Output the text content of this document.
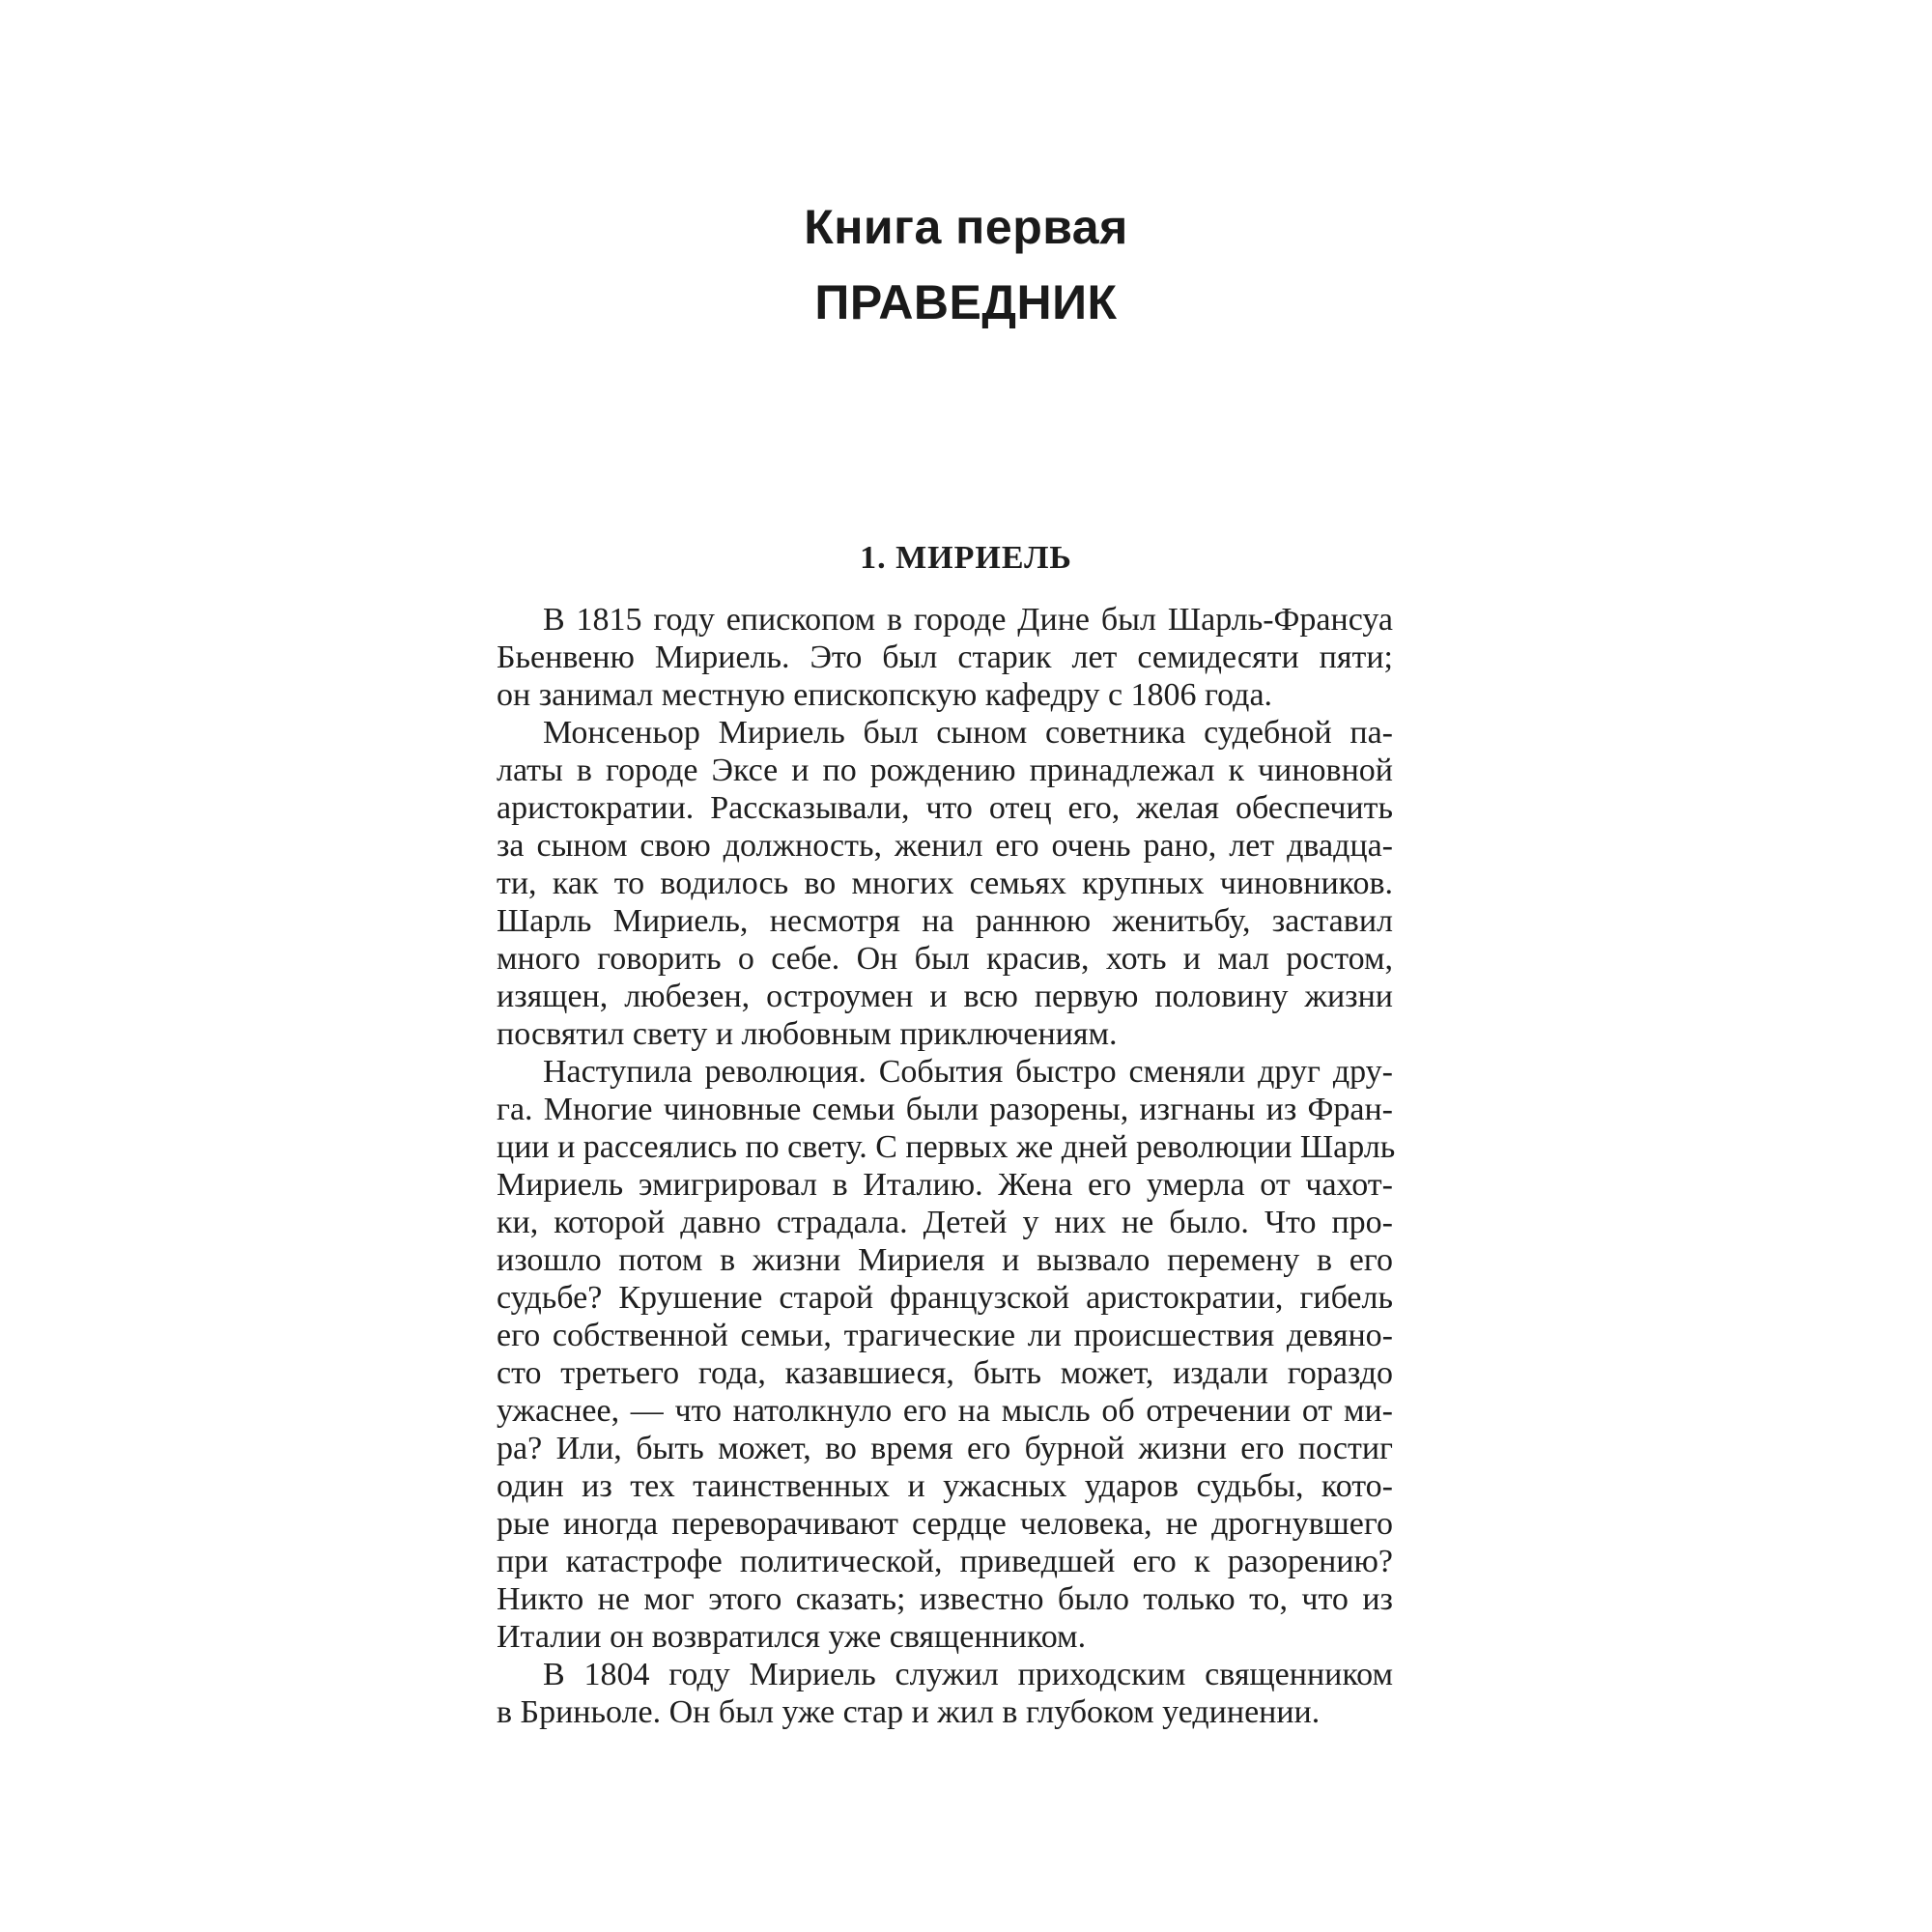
Книга первая
ПРАВЕДНИК
1. МИРИЕЛЬ

В 1815 году епископом в городе Дине был Шарль-Франсуа
Бьенвеню Мириель. Это был старик лет семидесяти пяти;
он занимал местную епископскую кафедру с 1806 года.

Монсеньор Мириель был сыном советника судебной па-
латы в городе Эксе и по рождению принадлежал к чиновной
аристократии. Рассказывали, что отец его, желая обеспечить
за сыном свою должность, женил его очень рано, лет двадца-
ти, как то водилось во многих семьях крупных чиновников.
Шарль Мириель, несмотря на раннюю женитьбу, заставил
много говорить о себе. Он был красив, хоть и мал ростом,
изящен, любезен, остроумен и всю первую половину жизни
посвятил свету и любовным приключениям.

Наступила революция. События быстро сменяли друг дру-
га. Многие чиновные семьи были разорены, изгнаны из Фран-
ции и рассеялись по свету. С первых же дней революции Шарль
Мириель эмигрировал в Италию. Жена его умерла от чахот-
ки, которой давно страдала. Детей у них не было. Что про-
изошло потом в жизни Мириеля и вызвало перемену в его
судьбе? Крушение старой французской аристократии, гибель
его собственной семьи, трагические ли происшествия девяно-
сто третьего года, казавшиеся, быть может, издали гораздо
ужаснее, — что натолкнуло его на мысль об отречении от ми-
ра? Или, быть может, во время его бурной жизни его постиг
один из тех таинственных и ужасных ударов судьбы, кото-
рые иногда переворачивают сердце человека, не дрогнувшего
при катастрофе политической, приведшей его к разорению?
Никто не мог этого сказать; известно было только то, что из
Италии он возвратился уже священником.

В 1804 году Мириель служил приходским священником
в Бриньоле. Он был уже стар и жил в глубоком уединении.
